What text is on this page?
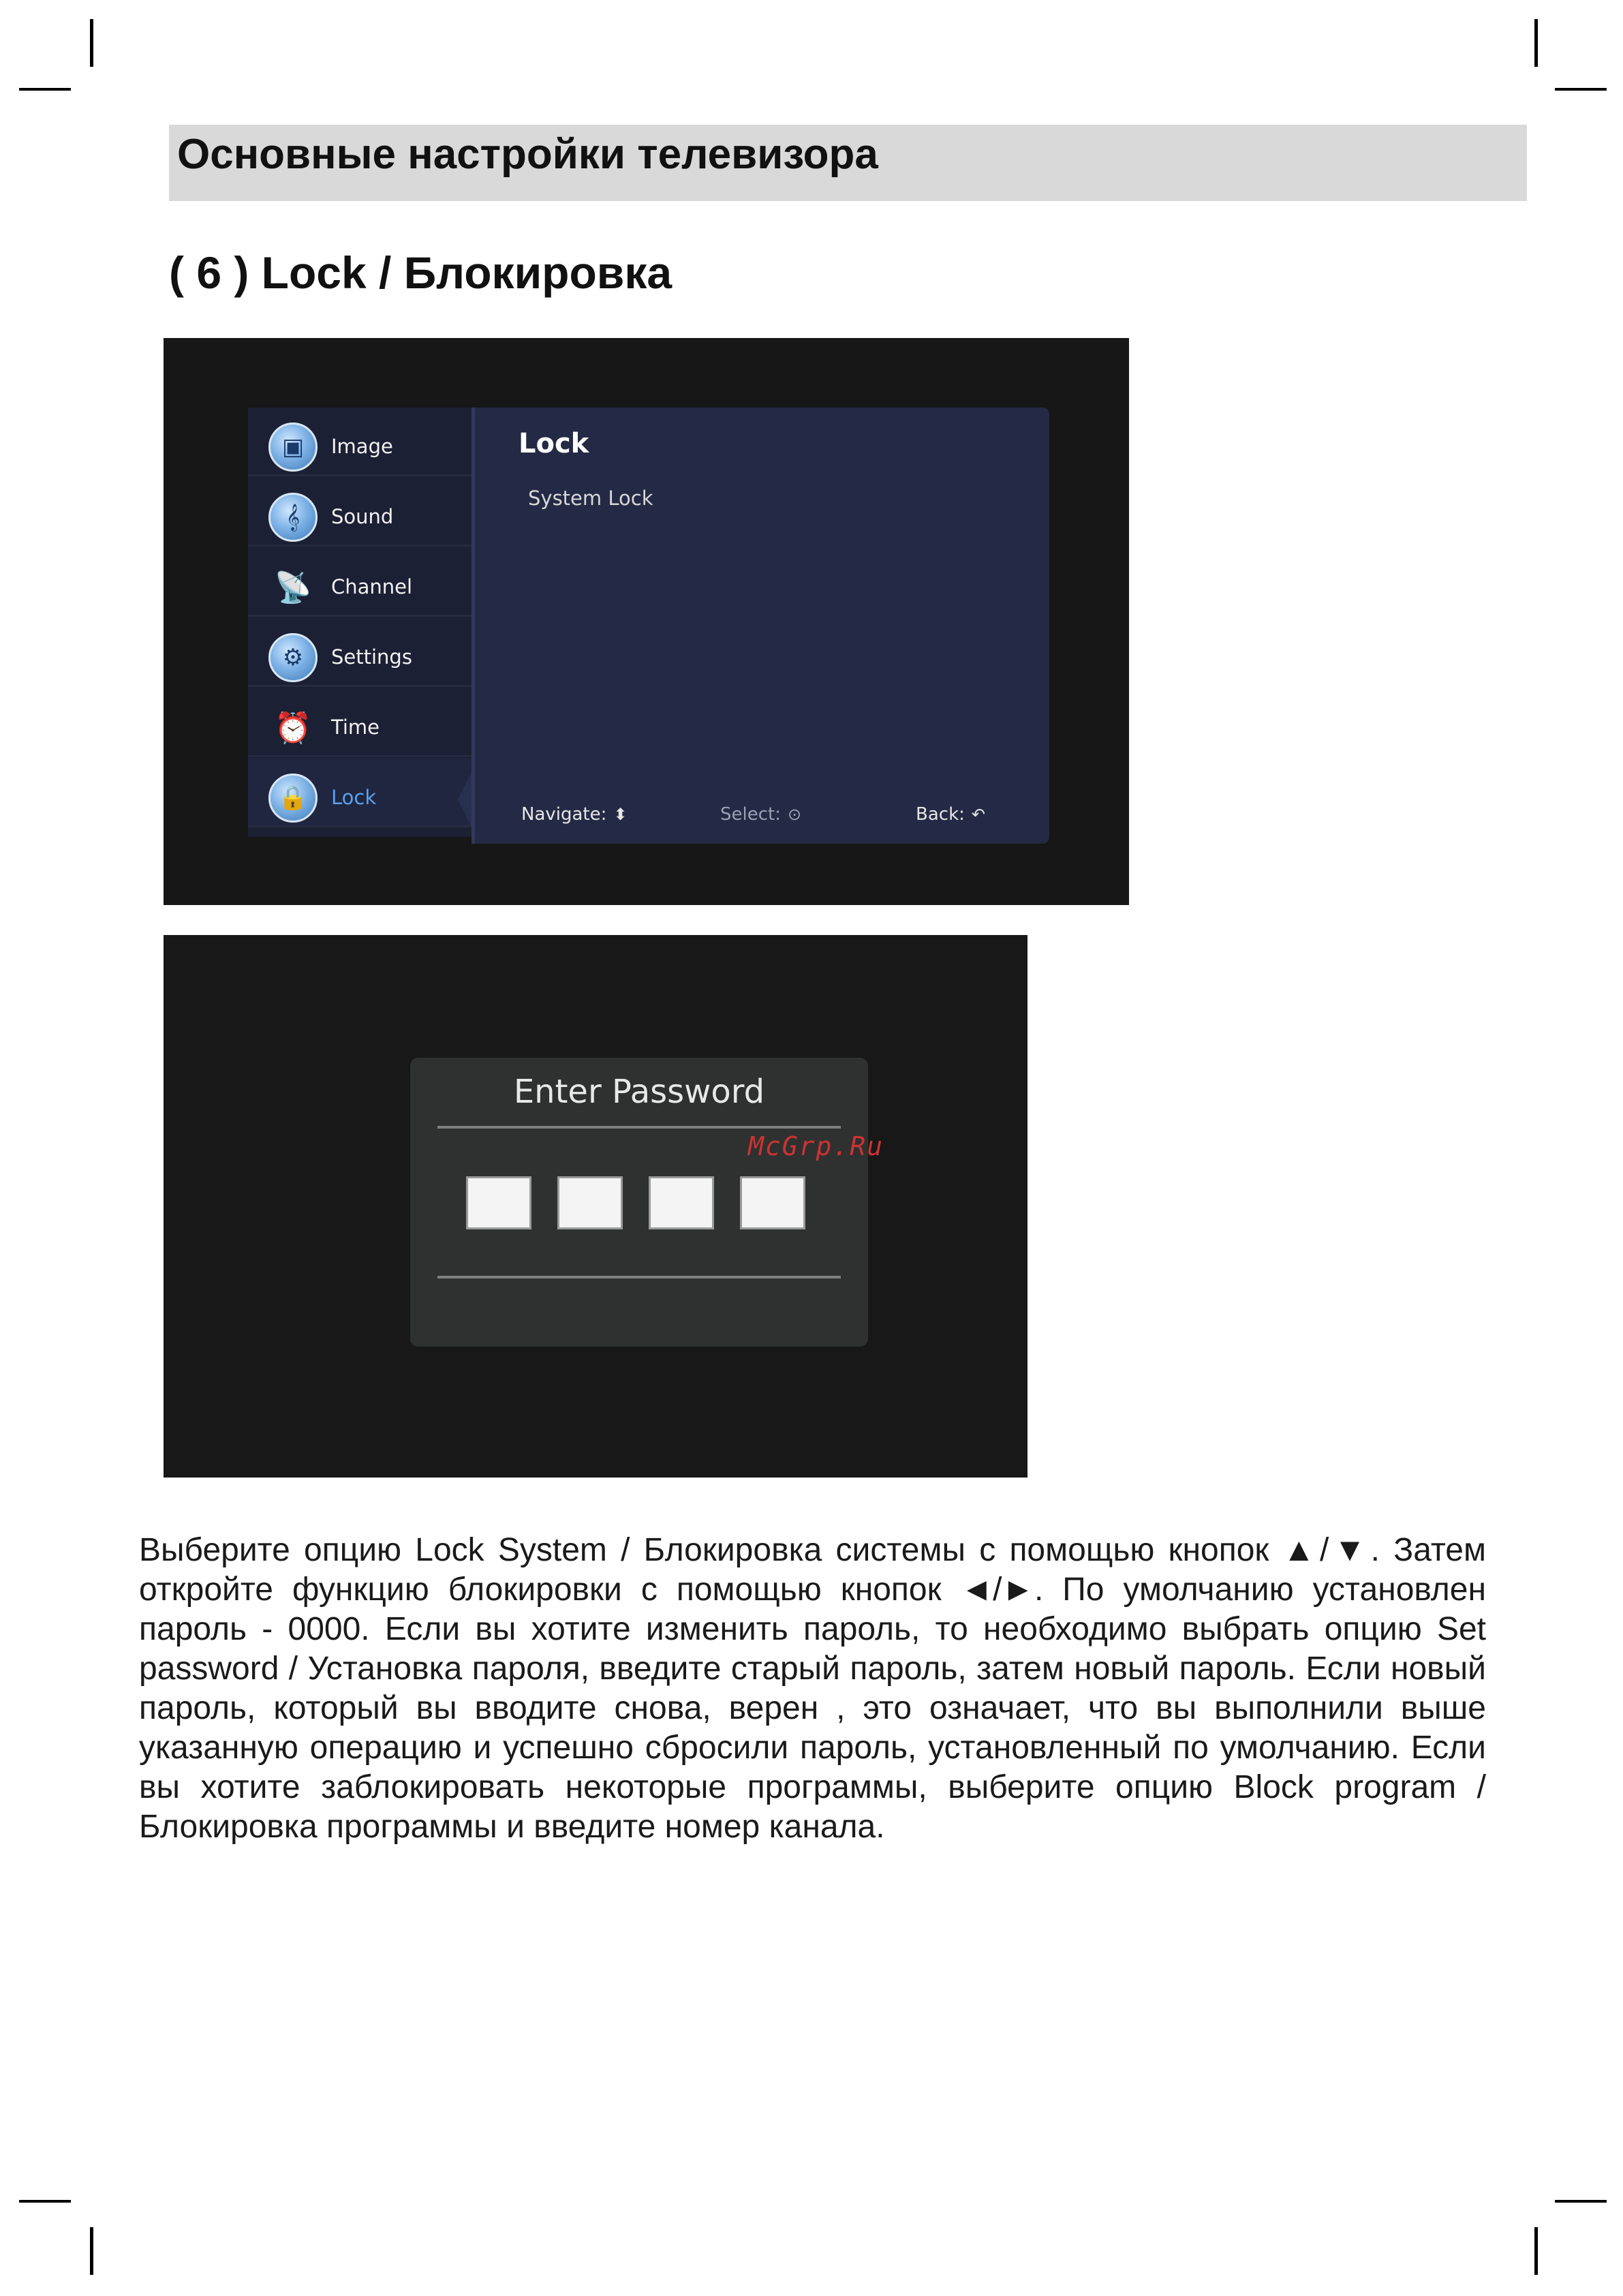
Основные настройки телевизора
( 6 ) Lock / Блокировка
▣	Image
𝄞	Sound
📡 Channel
⚙	Settings
⏰ Time
🔒	Lock
Lock
System Lock
Navigate: ⬍	Select: ⊙	Back: ↶
Enter Password
McGrp.Ru
Выберите опцию Lock System / Блокировка системы с помощью кнопок ▲/▼. Затем откройте функцию блокировки с помощью кнопок ◄/►. По умолчанию установлен пароль - 0000. Если вы хотите изменить пароль, то необходимо выбрать опцию Set password / Установка пароля, введите старый пароль, затем новый пароль. Если новый пароль, который вы вводите снова, верен , это означает, что вы выполнили выше указанную операцию и успешно сбросили пароль, установленный по умолчанию. Если вы хотите заблокировать некоторые программы, выберите опцию Block program / Блокировка программы и введите номер канала.
